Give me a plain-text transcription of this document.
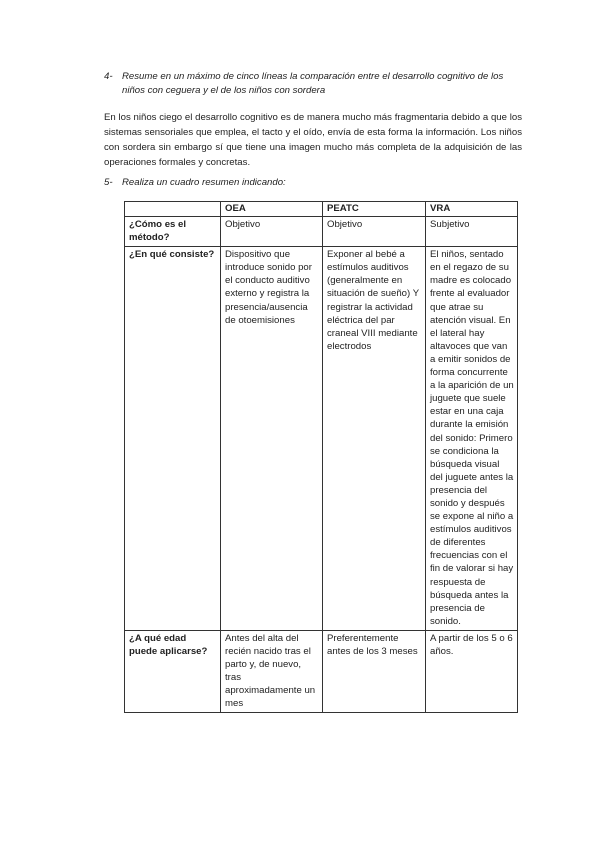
4- Resume en un máximo de cinco líneas la comparación entre el desarrollo cognitivo de los niños con ceguera y el de los niños con sordera
En los niños ciego el desarrollo cognitivo es de manera mucho más fragmentaria debido a que los sistemas sensoriales que emplea, el tacto y el oído, envía de esta forma la información. Los niños con sordera sin embargo sí que tiene una imagen mucho más completa de la adquisición de las operaciones formales y concretas.
5- Realiza un cuadro resumen indicando:
	OEA	PEATC	VRA
¿Cómo es el método?	Objetivo	Objetivo	Subjetivo
¿En qué consiste?	Dispositivo que introduce sonido por el conducto auditivo externo y registra la presencia/ausencia de otoemisiones	Exponer al bebé a estímulos auditivos (generalmente en situación de sueño) Y registrar la actividad eléctrica del par craneal VIII mediante electrodos	El niños, sentado en el regazo de su madre es colocado frente al evaluador que atrae su atención visual. En el lateral hay altavoces que van a emitir sonidos de forma concurrente a la aparición de un juguete que suele estar en una caja durante la emisión del sonido: Primero se condiciona la búsqueda visual del juguete antes la presencia del sonido y después se expone al niño a estímulos auditivos de diferentes frecuencias con el fin de valorar si hay respuesta de búsqueda antes la presencia de sonido.
¿A qué edad puede aplicarse?	Antes del alta del recién nacido tras el parto y, de nuevo, tras aproximadamente un mes	Preferentemente antes de los 3 meses	A partir de los 5 o 6 años.
